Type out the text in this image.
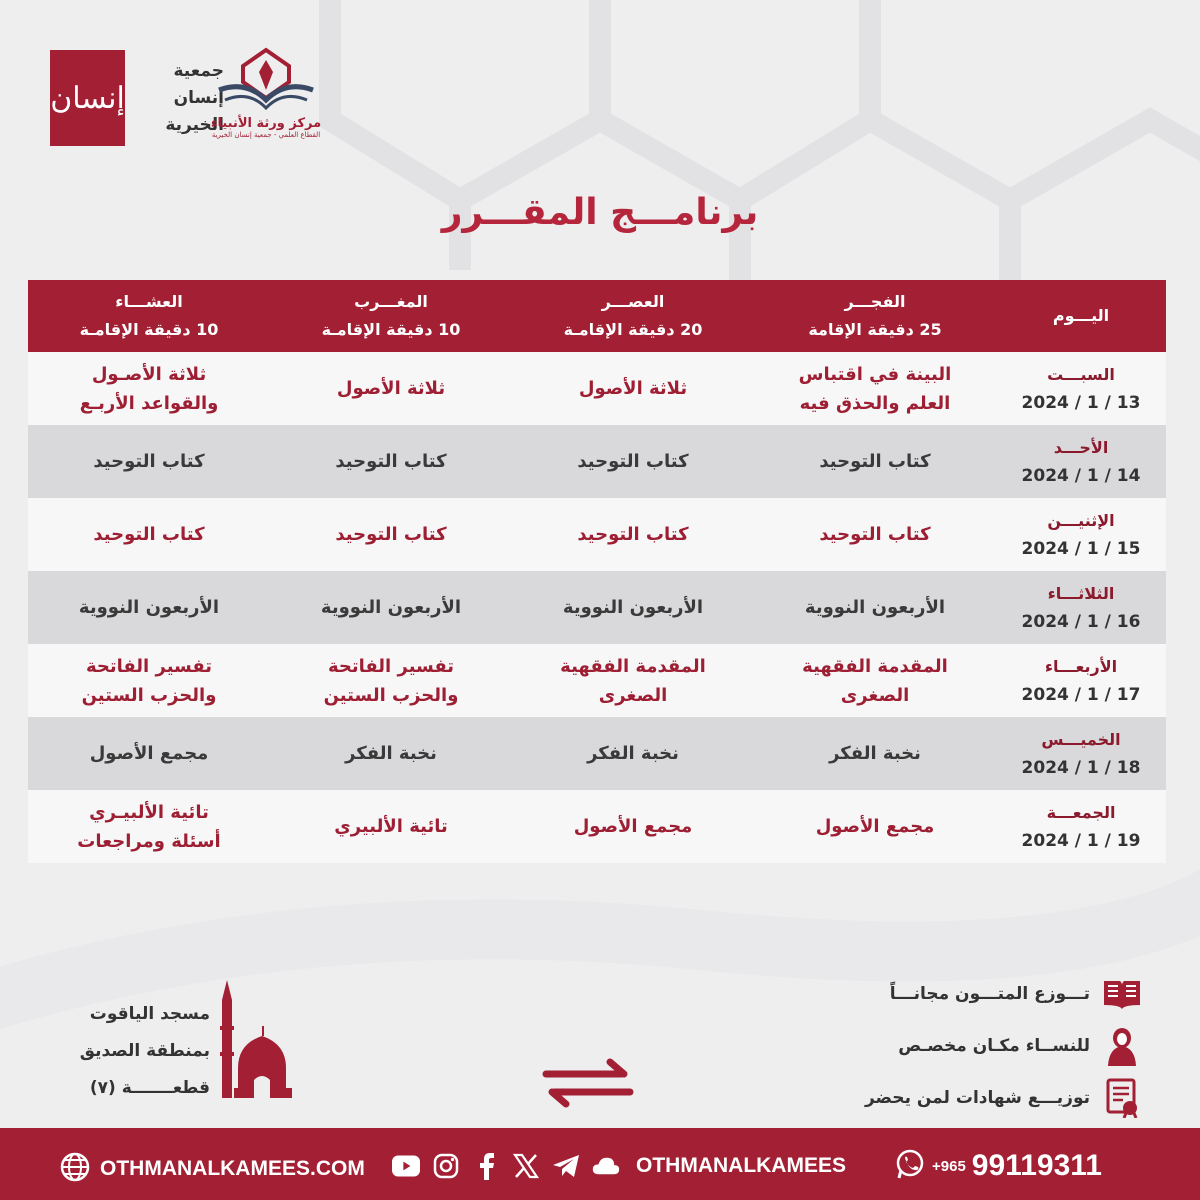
إنسان
جمعية
إنسان
الخيرية
مركز ورثة الأنبياء
القطاع العلمي - جمعية إنسان الخيرية
برنامـــج المقـــرر
اليـــوم
الفجـــر
25 دقيقة الإقامة
العصـــر
20 دقيقة الإقامـة
المغـــرب
10 دقيقة الإقامـة
العشـــاء
10 دقيقة الإقامـة
السبـــت
2024 / 1 / 13
البينة في اقتباس
العلم والحذق فيه
ثلاثة الأصول
ثلاثة الأصول
ثلاثة الأصـول
والقواعد الأربـع
الأحـــد
2024 / 1 / 14
كتاب التوحيد
كتاب التوحيد
كتاب التوحيد
كتاب التوحيد
الإثنيـــن
2024 / 1 / 15
كتاب التوحيد
كتاب التوحيد
كتاب التوحيد
كتاب التوحيد
الثلاثـــاء
2024 / 1 / 16
الأربعون النووية
الأربعون النووية
الأربعون النووية
الأربعون النووية
الأربعـــاء
2024 / 1 / 17
المقدمة الفقهية
الصغرى
المقدمة الفقهية
الصغرى
تفسير الفاتحة
والحزب الستين
تفسير الفاتحة
والحزب الستين
الخميـــس
2024 / 1 / 18
نخبة الفكر
نخبة الفكر
نخبة الفكر
مجمع الأصول
الجمعـــة
2024 / 1 / 19
مجمع الأصول
مجمع الأصول
تائية الألبيري
تائية الألبيـري
أسئلة ومراجعات
تـــوزع المتـــون مجانـــاً
للنســاء مكـان مخصـص
توزيـــع شهادات لمن يحضر
مسجد الياقوت
بمنطقة الصديق
قطعـــــــة (٧)
OTHMANALKAMEES.COM	OTHMANALKAMEES	+965 99119311
